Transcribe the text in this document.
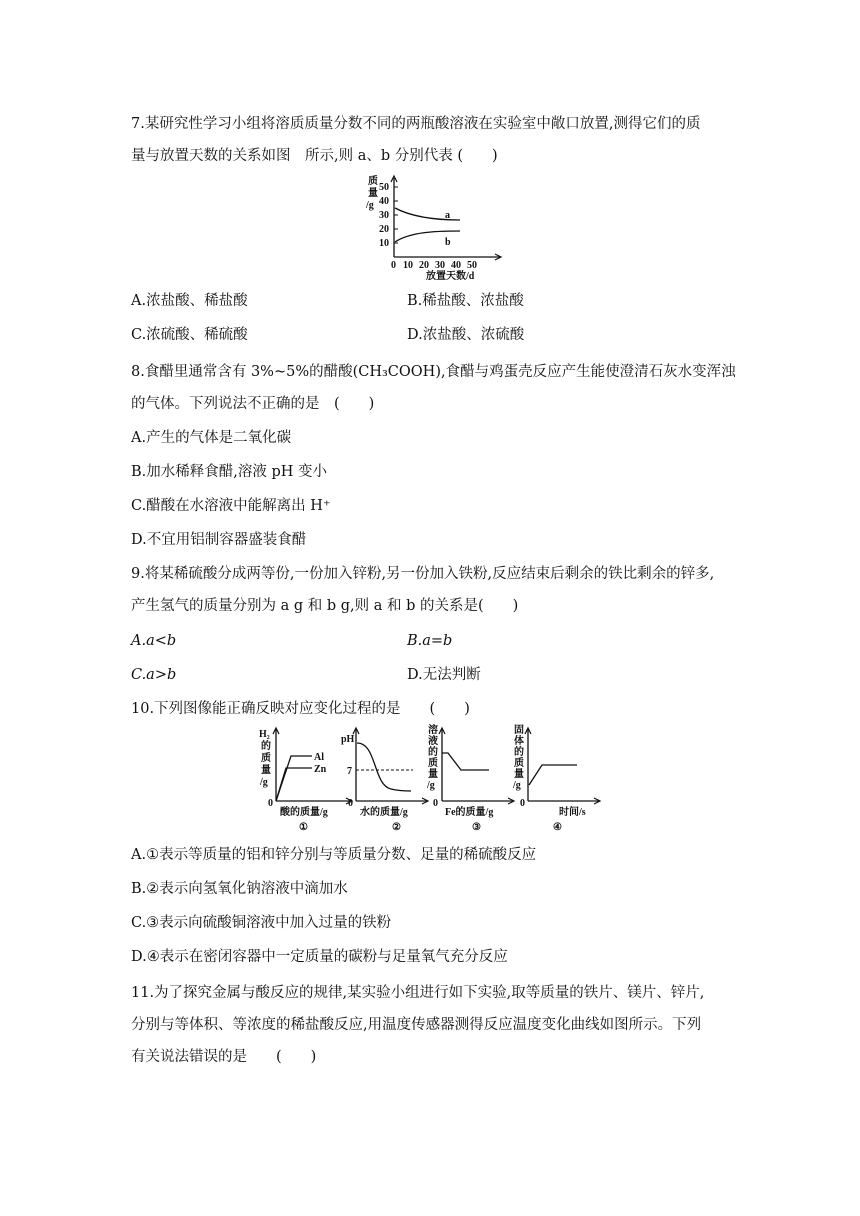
7.某研究性学习小组将溶质质量分数不同的两瓶酸溶液在实验室中敞口放置,测得它们的质
量与放置天数的关系如图　所示,则 a、b 分别代表 (　　)
质
量
/g
50
40
30
20
10
a
b
0 10 20 30 40 50
放置天数/d
A.浓盐酸、稀盐酸	B.稀盐酸、浓盐酸
C.浓硫酸、稀硫酸	D.浓盐酸、浓硫酸
8.食醋里通常含有 3%~5%的醋酸(CH₃COOH),食醋与鸡蛋壳反应产生能使澄清石灰水变浑浊
的气体。下列说法不正确的是　(　　)
A.产生的气体是二氧化碳
B.加水稀释食醋,溶液 pH 变小
C.醋酸在水溶液中能解离出 H⁺
D.不宜用铝制容器盛装食醋
9.将某稀硫酸分成两等份,一份加入锌粉,另一份加入铁粉,反应结束后剩余的铁比剩余的锌多,
产生氢气的质量分别为 a g 和 b g,则 a 和 b 的关系是(　　)
A.a<b	B.a=b
C.a>b	D.无法判断
10.下列图像能正确反映对应变化过程的是　　(　　)
H₂
的
质
量
/g
Al
Zn
0
酸的质量/g
①
pH
7
0
水的质量/g
②
溶
液
的
质
量
/g
0
Fe的质量/g
③
固
体
的
质
量
/g
0
时间/s
④
A.①表示等质量的铝和锌分别与等质量分数、足量的稀硫酸反应
B.②表示向氢氧化钠溶液中滴加水
C.③表示向硫酸铜溶液中加入过量的铁粉
D.④表示在密闭容器中一定质量的碳粉与足量氧气充分反应
11.为了探究金属与酸反应的规律,某实验小组进行如下实验,取等质量的铁片、镁片、锌片,
分别与等体积、等浓度的稀盐酸反应,用温度传感器测得反应温度变化曲线如图所示。下列
有关说法错误的是　　(　　)
